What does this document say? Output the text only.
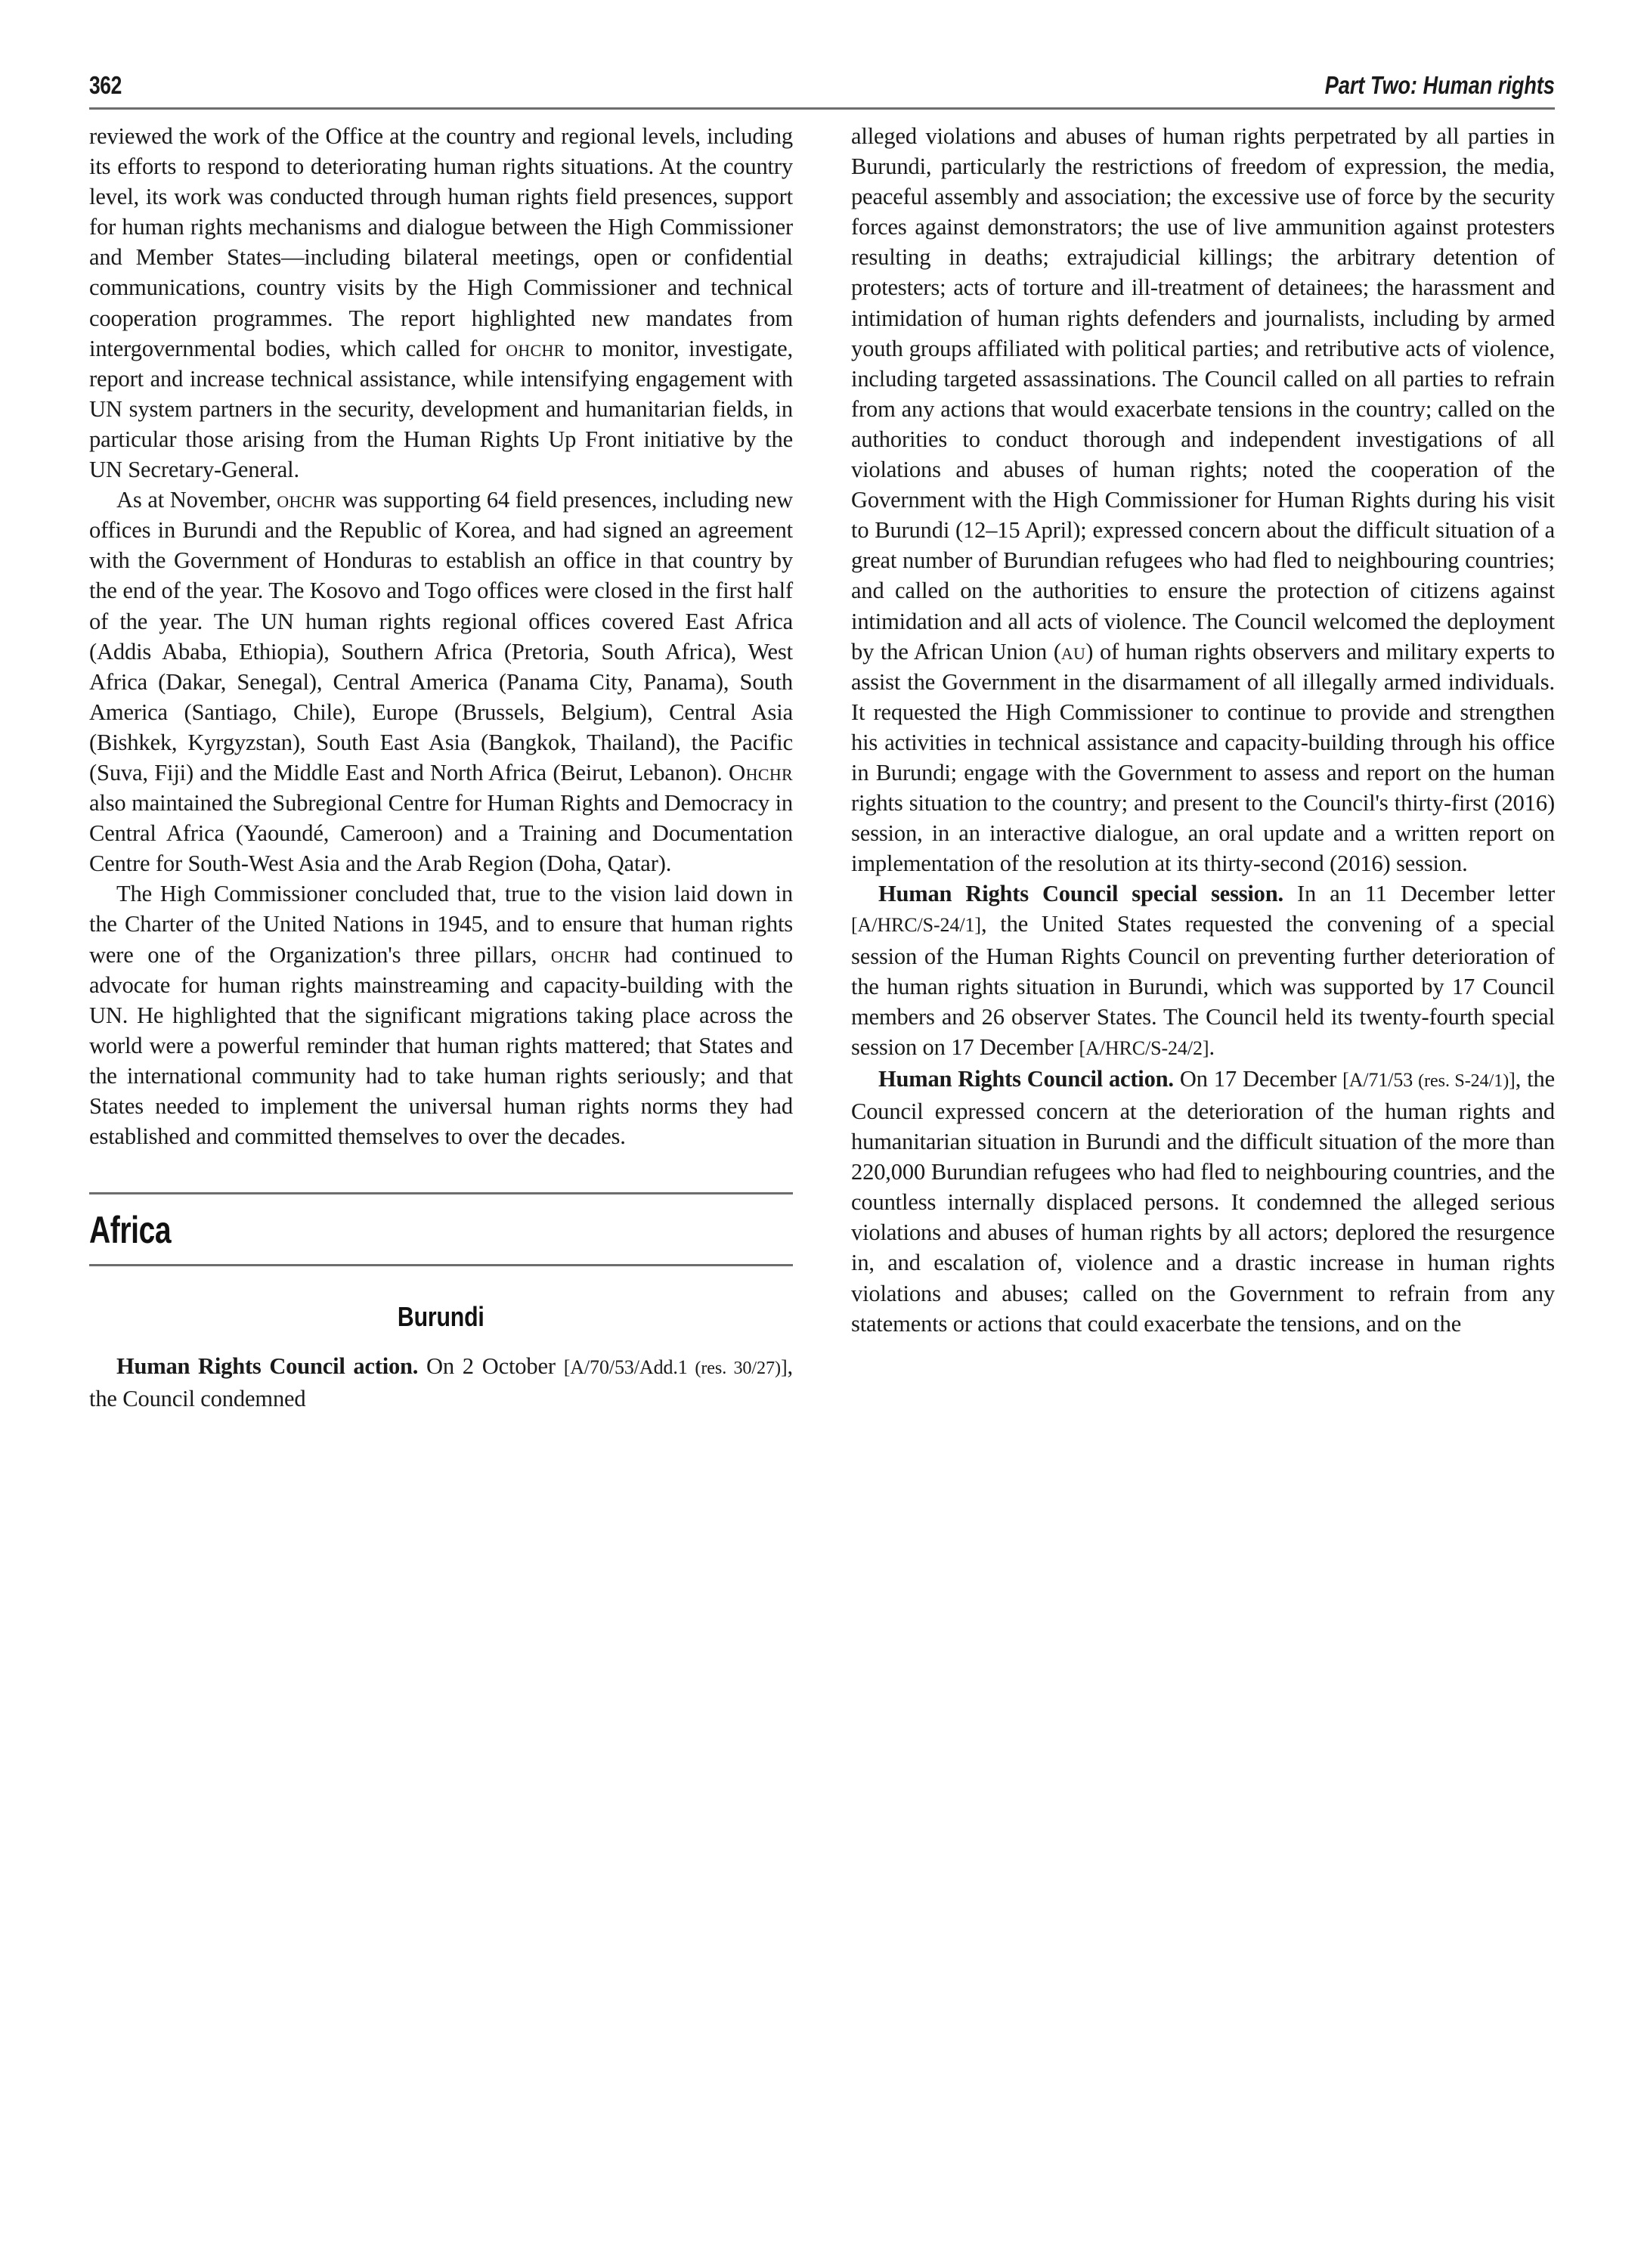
362	Part Two: Human rights

reviewed the work of the Office at the country and regional levels, including its efforts to respond to deteriorating human rights situations. At the country level, its work was conducted through human rights field presences, support for human rights mechanisms and dialogue between the High Commissioner and Member States—including bilateral meetings, open or confidential communications, country visits by the High Commissioner and technical cooperation programmes. The report highlighted new mandates from intergovernmental bodies, which called for ohchr to monitor, investigate, report and increase technical assistance, while intensifying engagement with UN system partners in the security, development and humanitarian fields, in particular those arising from the Human Rights Up Front initiative by the UN Secretary-General.

As at November, ohchr was supporting 64 field presences, including new offices in Burundi and the Republic of Korea, and had signed an agreement with the Government of Honduras to establish an office in that country by the end of the year. The Kosovo and Togo offices were closed in the first half of the year. The UN human rights regional offices covered East Africa (Addis Ababa, Ethiopia), Southern Africa (Pretoria, South Africa), West Africa (Dakar, Senegal), Central America (Panama City, Panama), South America (Santiago, Chile), Europe (Brussels, Belgium), Central Asia (Bishkek, Kyrgyzstan), South East Asia (Bangkok, Thailand), the Pacific (Suva, Fiji) and the Middle East and North Africa (Beirut, Lebanon). Ohchr also maintained the Subregional Centre for Human Rights and Democracy in Central Africa (Yaoundé, Cameroon) and a Training and Documentation Centre for South-West Asia and the Arab Region (Doha, Qatar).

The High Commissioner concluded that, true to the vision laid down in the Charter of the United Nations in 1945, and to ensure that human rights were one of the Organization's three pillars, ohchr had continued to advocate for human rights mainstreaming and capacity-building with the UN. He highlighted that the significant migrations taking place across the world were a powerful reminder that human rights mattered; that States and the international community had to take human rights seriously; and that States needed to implement the universal human rights norms they had established and committed themselves to over the decades.

Africa
Burundi

Human Rights Council action. On 2 October [A/70/53/Add.1 (res. 30/27)], the Council condemned

alleged violations and abuses of human rights perpetrated by all parties in Burundi, particularly the restrictions of freedom of expression, the media, peaceful assembly and association; the excessive use of force by the security forces against demonstrators; the use of live ammunition against protesters resulting in deaths; extrajudicial killings; the arbitrary detention of protesters; acts of torture and ill-treatment of detainees; the harassment and intimidation of human rights defenders and journalists, including by armed youth groups affiliated with political parties; and retributive acts of violence, including targeted assassinations. The Council called on all parties to refrain from any actions that would exacerbate tensions in the country; called on the authorities to conduct thorough and independent investigations of all violations and abuses of human rights; noted the cooperation of the Government with the High Commissioner for Human Rights during his visit to Burundi (12–15 April); expressed concern about the difficult situation of a great number of Burundian refugees who had fled to neighbouring countries; and called on the authorities to ensure the protection of citizens against intimidation and all acts of violence. The Council welcomed the deployment by the African Union (au) of human rights observers and military experts to assist the Government in the disarmament of all illegally armed individuals. It requested the High Commissioner to continue to provide and strengthen his activities in technical assistance and capacity-building through his office in Burundi; engage with the Government to assess and report on the human rights situation to the country; and present to the Council's thirty-first (2016) session, in an interactive dialogue, an oral update and a written report on implementation of the resolution at its thirty-second (2016) session.

Human Rights Council special session. In an 11 December letter [A/HRC/S-24/1], the United States requested the convening of a special session of the Human Rights Council on preventing further deterioration of the human rights situation in Burundi, which was supported by 17 Council members and 26 observer States. The Council held its twenty-fourth special session on 17 December [A/HRC/S-24/2].

Human Rights Council action. On 17 December [A/71/53 (res. S-24/1)], the Council expressed concern at the deterioration of the human rights and humanitarian situation in Burundi and the difficult situation of the more than 220,000 Burundian refugees who had fled to neighbouring countries, and the countless internally displaced persons. It condemned the alleged serious violations and abuses of human rights by all actors; deplored the resurgence in, and escalation of, violence and a drastic increase in human rights violations and abuses; called on the Government to refrain from any statements or actions that could exacerbate the tensions, and on the
